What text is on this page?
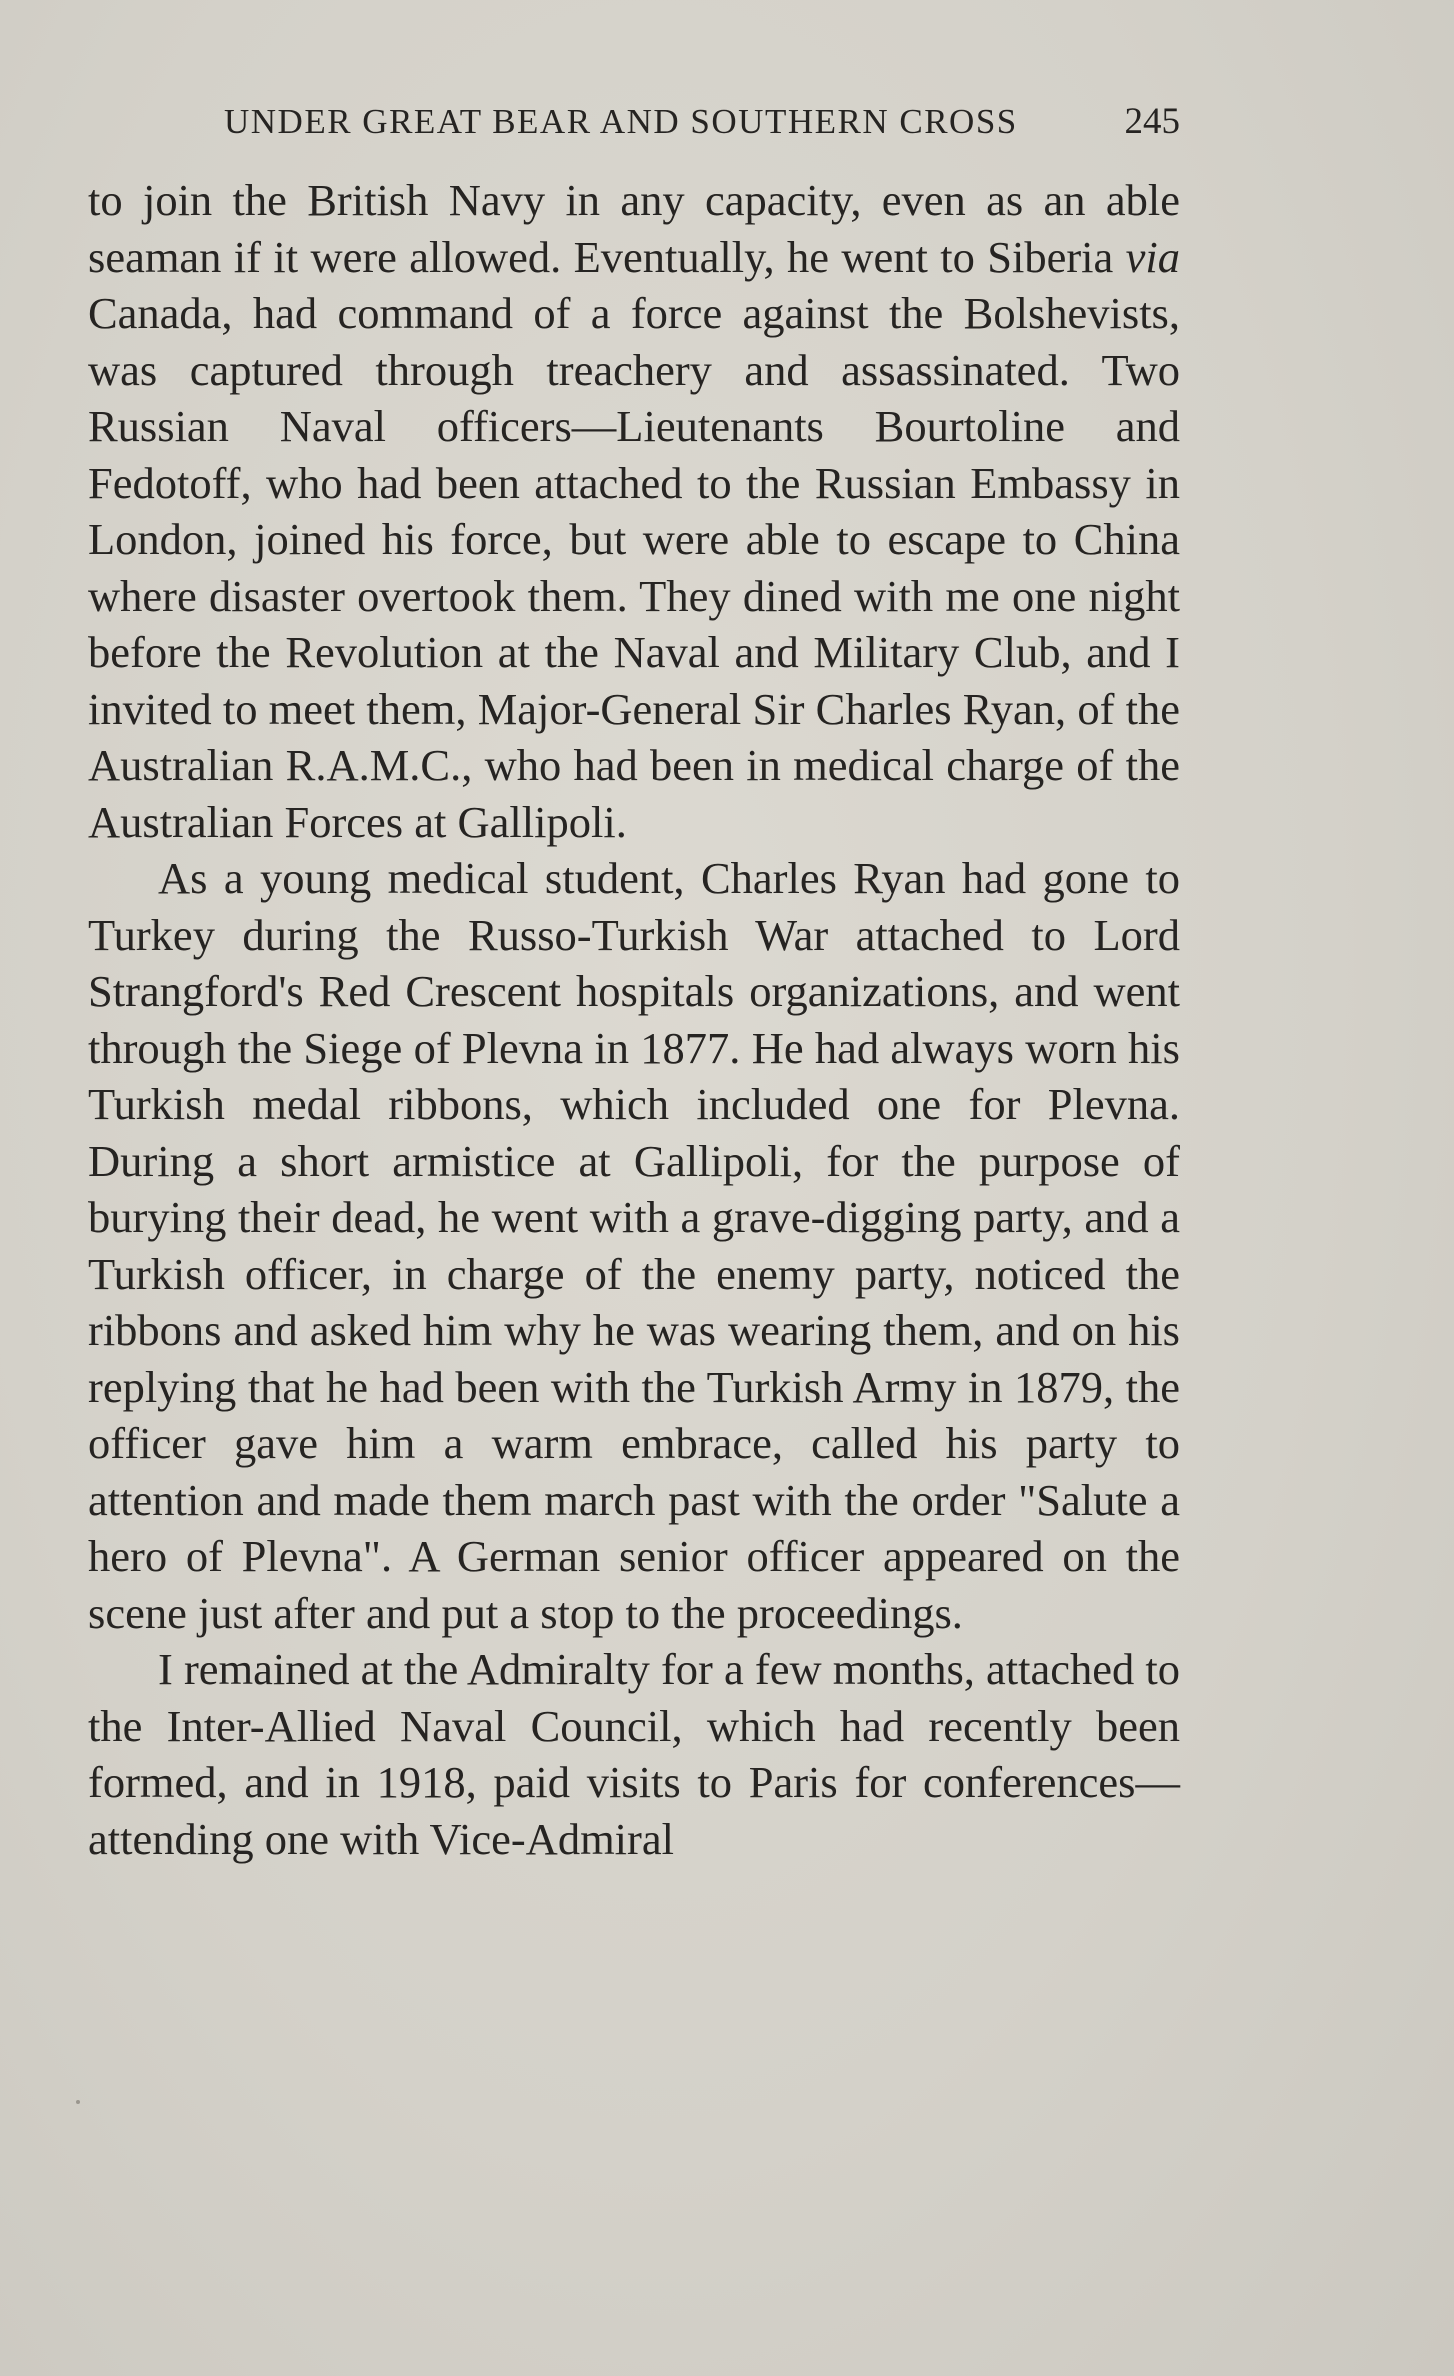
UNDER GREAT BEAR AND SOUTHERN CROSS	245

to join the British Navy in any capacity, even as an able seaman if it were allowed. Eventually, he went to Siberia via Canada, had command of a force against the Bolshevists, was captured through treachery and assassinated. Two Russian Naval officers—Lieutenants Bourtoline and Fedotoff, who had been attached to the Russian Embassy in London, joined his force, but were able to escape to China where disaster overtook them. They dined with me one night before the Revolution at the Naval and Military Club, and I invited to meet them, Major-General Sir Charles Ryan, of the Australian R.A.M.C., who had been in medical charge of the Australian Forces at Gallipoli.

As a young medical student, Charles Ryan had gone to Turkey during the Russo-Turkish War attached to Lord Strangford's Red Crescent hospitals organizations, and went through the Siege of Plevna in 1877. He had always worn his Turkish medal ribbons, which included one for Plevna. During a short armistice at Gallipoli, for the purpose of burying their dead, he went with a grave-digging party, and a Turkish officer, in charge of the enemy party, noticed the ribbons and asked him why he was wearing them, and on his replying that he had been with the Turkish Army in 1879, the officer gave him a warm embrace, called his party to attention and made them march past with the order "Salute a hero of Plevna". A German senior officer appeared on the scene just after and put a stop to the proceedings.

I remained at the Admiralty for a few months, attached to the Inter-Allied Naval Council, which had recently been formed, and in 1918, paid visits to Paris for conferences—attending one with Vice-Admiral
